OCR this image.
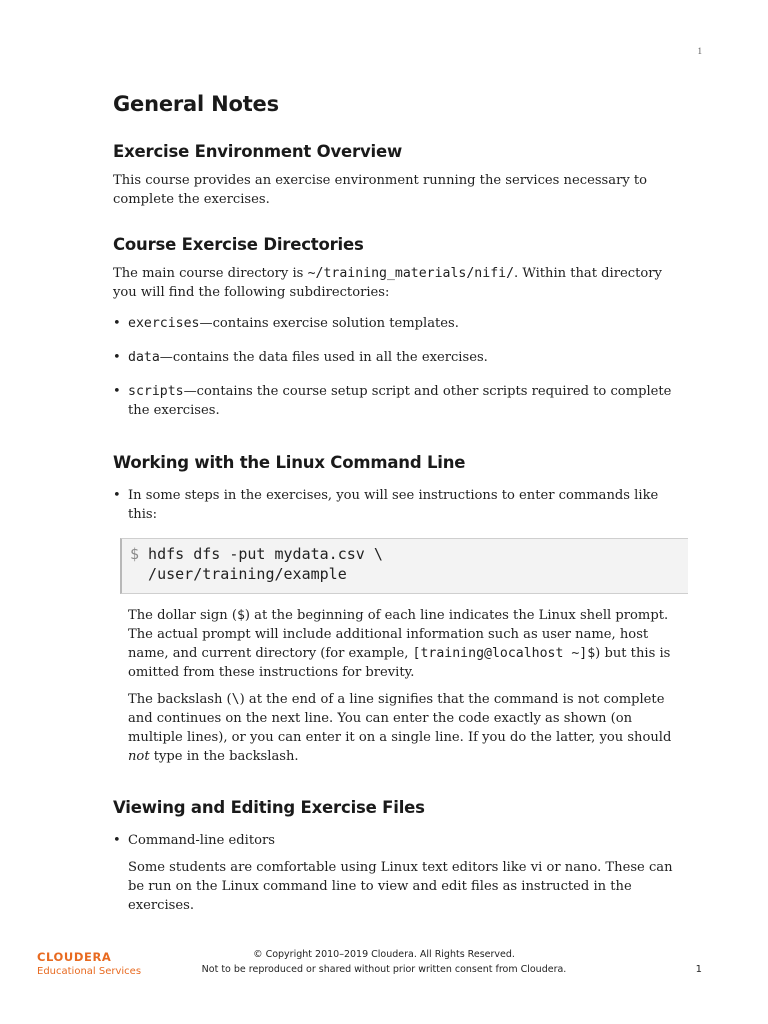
1
General Notes
Exercise Environment Overview

This course provides an exercise environment running the services necessary to complete the exercises.

Course Exercise Directories

The main course directory is ~/training_materials/nifi/. Within that directory you will find the following subdirectories:

• exercises—contains exercise solution templates.
• data—contains the data files used in all the exercises.
• scripts—contains the course setup script and other scripts required to complete the exercises.
Working with the Linux Command Line
• In some steps in the exercises, you will see instructions to enter commands like this:
$ hdfs dfs -put mydata.csv \
/user/training/example

The dollar sign ($) at the beginning of each line indicates the Linux shell prompt. The actual prompt will include additional information such as user name, host name, and current directory (for example, [training@localhost ~]$) but this is omitted from these instructions for brevity.

The backslash (\) at the end of a line signifies that the command is not complete and continues on the next line. You can enter the code exactly as shown (on multiple lines), or you can enter it on a single line. If you do the latter, you should not type in the backslash.

Viewing and Editing Exercise Files
• Command-line editors

Some students are comfortable using Linux text editors like vi or nano. These can be run on the Linux command line to view and edit files as instructed in the exercises.

CLOUDERA
Educational Services
© Copyright 2010–2019 Cloudera. All Rights Reserved.
Not to be reproduced or shared without prior written consent from Cloudera.	1
